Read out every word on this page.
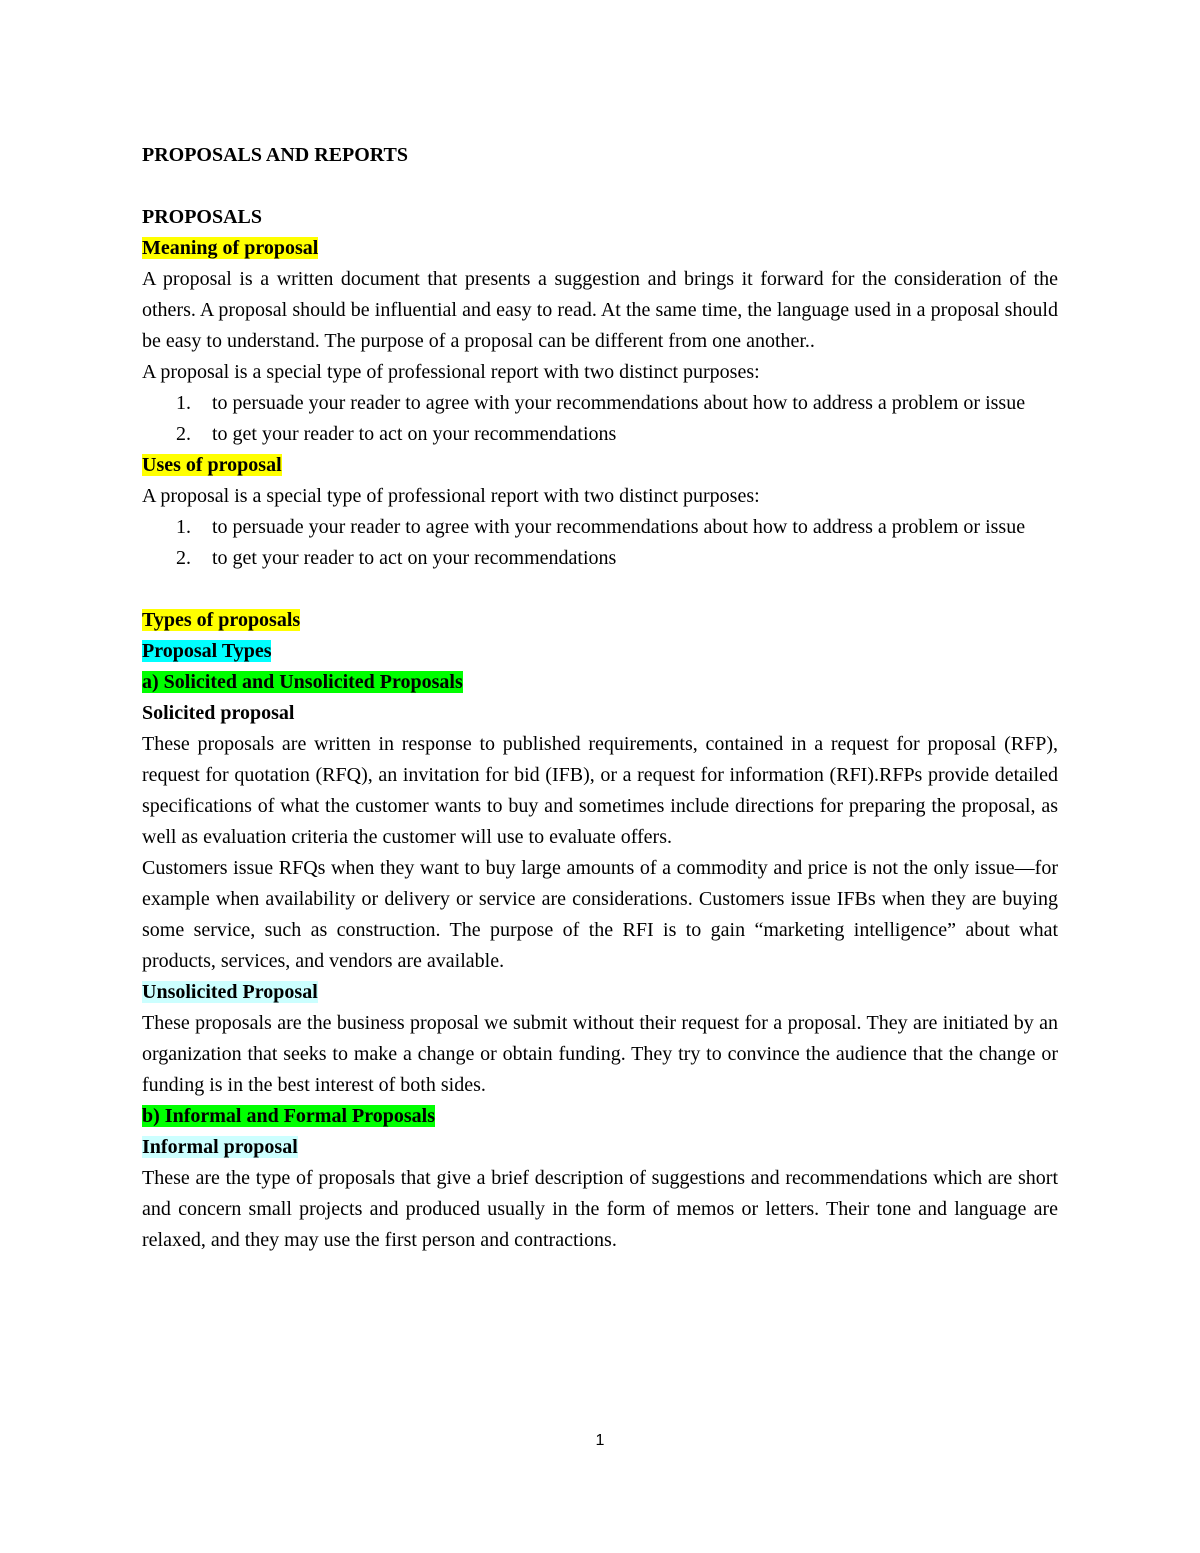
PROPOSALS AND REPORTS

PROPOSALS

Meaning of proposal

A proposal is a written document that presents a suggestion and brings it forward for the consideration of the others. A proposal should be influential and easy to read. At the same time, the language used in a proposal should be easy to understand. The purpose of a proposal can be different from one another..

A proposal is a special type of professional report with two distinct purposes:

1. to persuade your reader to agree with your recommendations about how to address a problem or issue
2. to get your reader to act on your recommendations

Uses of proposal

A proposal is a special type of professional report with two distinct purposes:

1. to persuade your reader to agree with your recommendations about how to address a problem or issue
2. to get your reader to act on your recommendations

Types of proposals

Proposal Types

a) Solicited and Unsolicited Proposals

Solicited proposal

These proposals are written in response to published requirements, contained in a request for proposal (RFP), request for quotation (RFQ), an invitation for bid (IFB), or a request for information (RFI).RFPs provide detailed specifications of what the customer wants to buy and sometimes include directions for preparing the proposal, as well as evaluation criteria the customer will use to evaluate offers.

Customers issue RFQs when they want to buy large amounts of a commodity and price is not the only issue—for example when availability or delivery or service are considerations. Customers issue IFBs when they are buying some service, such as construction. The purpose of the RFI is to gain “marketing intelligence” about what products, services, and vendors are available.

Unsolicited Proposal

These proposals are the business proposal we submit without their request for a proposal. They are initiated by an organization that seeks to make a change or obtain funding. They try to convince the audience that the change or funding is in the best interest of both sides.

b) Informal and Formal Proposals

Informal proposal

These are the type of proposals that give a brief description of suggestions and recommendations which are short and concern small projects and produced usually in the form of memos or letters. Their tone and language are relaxed, and they may use the first person and contractions.

1
